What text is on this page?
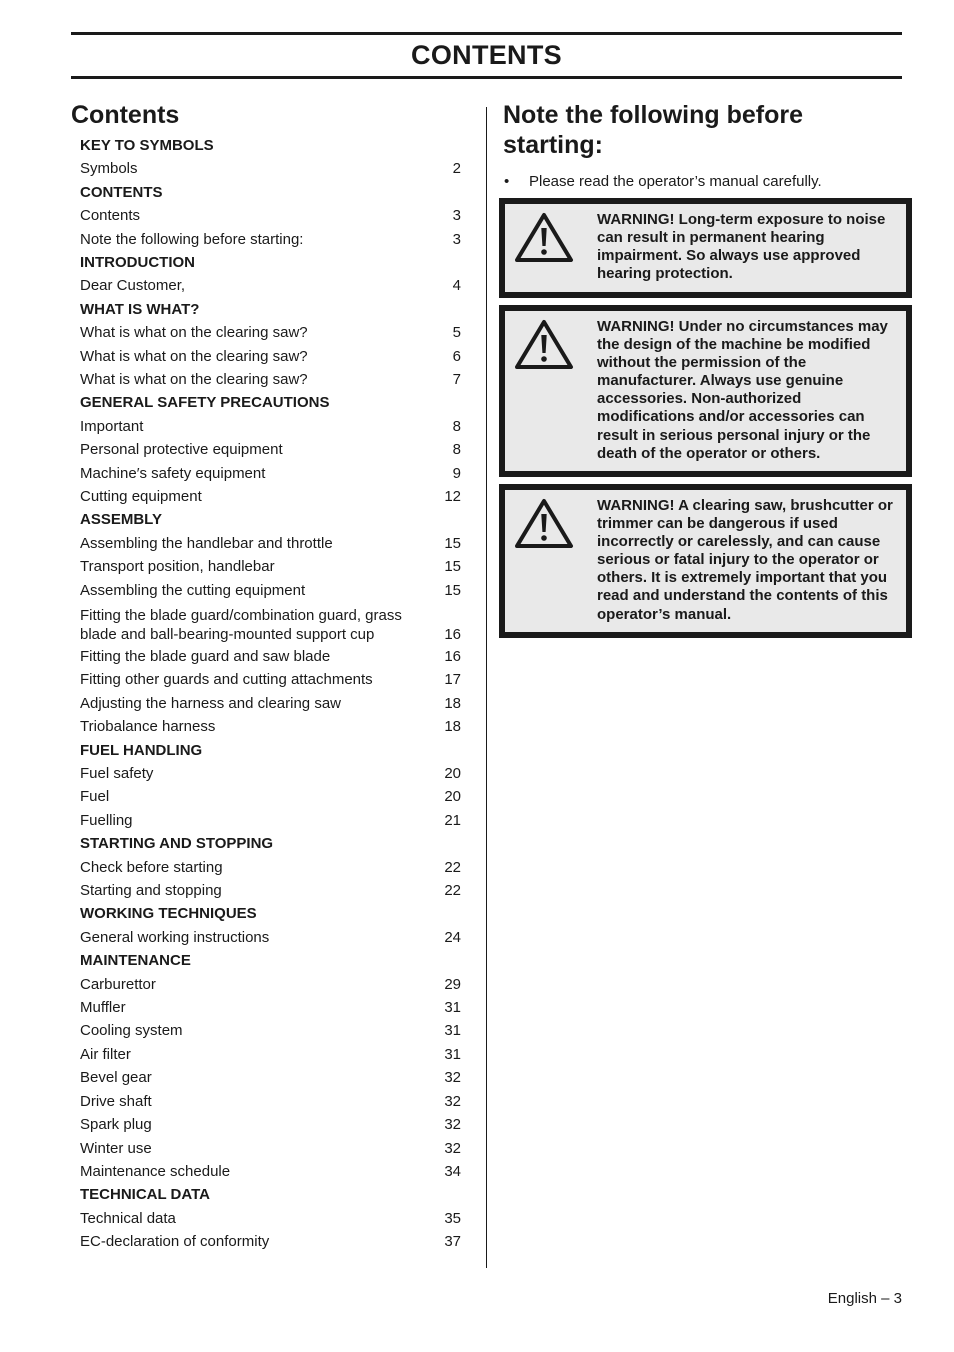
CONTENTS
Contents
KEY TO SYMBOLS
Symbols	2
CONTENTS
Contents	3
Note the following before starting:	3
INTRODUCTION
Dear Customer,	4
WHAT IS WHAT?
What is what on the clearing saw?	5
What is what on the clearing saw?	6
What is what on the clearing saw?	7
GENERAL SAFETY PRECAUTIONS
Important	8
Personal protective equipment	8
Machine′s safety equipment	9
Cutting equipment	12
ASSEMBLY
Assembling the handlebar and throttle	15
Transport position, handlebar	15
Assembling the cutting equipment	15
Fitting the blade guard/combination guard, grass blade and ball-bearing-mounted support cup	16
Fitting the blade guard and saw blade	16
Fitting other guards and cutting attachments	17
Adjusting the harness and clearing saw	18
Triobalance harness	18
FUEL HANDLING
Fuel safety	20
Fuel	20
Fuelling	21
STARTING AND STOPPING
Check before starting	22
Starting and stopping	22
WORKING TECHNIQUES
General working instructions	24
MAINTENANCE
Carburettor	29
Muffler	31
Cooling system	31
Air filter	31
Bevel gear	32
Drive shaft	32
Spark plug	32
Winter use	32
Maintenance schedule	34
TECHNICAL DATA
Technical data	35
EC-declaration of conformity	37
Note the following before
starting:
•	Please read the operator’s manual carefully.
WARNING! Long-term exposure to noise can result in permanent hearing impairment. So always use approved hearing protection.
WARNING! Under no circumstances may the design of the machine be modified without the permission of the manufacturer. Always use genuine accessories. Non-authorized modifications and/or accessories can result in serious personal injury or the death of the operator or others.
WARNING! A clearing saw, brushcutter or trimmer can be dangerous if used incorrectly or carelessly, and can cause serious or fatal injury to the operator or others. It is extremely important that you read and understand the contents of this operator’s manual.
English – 3
